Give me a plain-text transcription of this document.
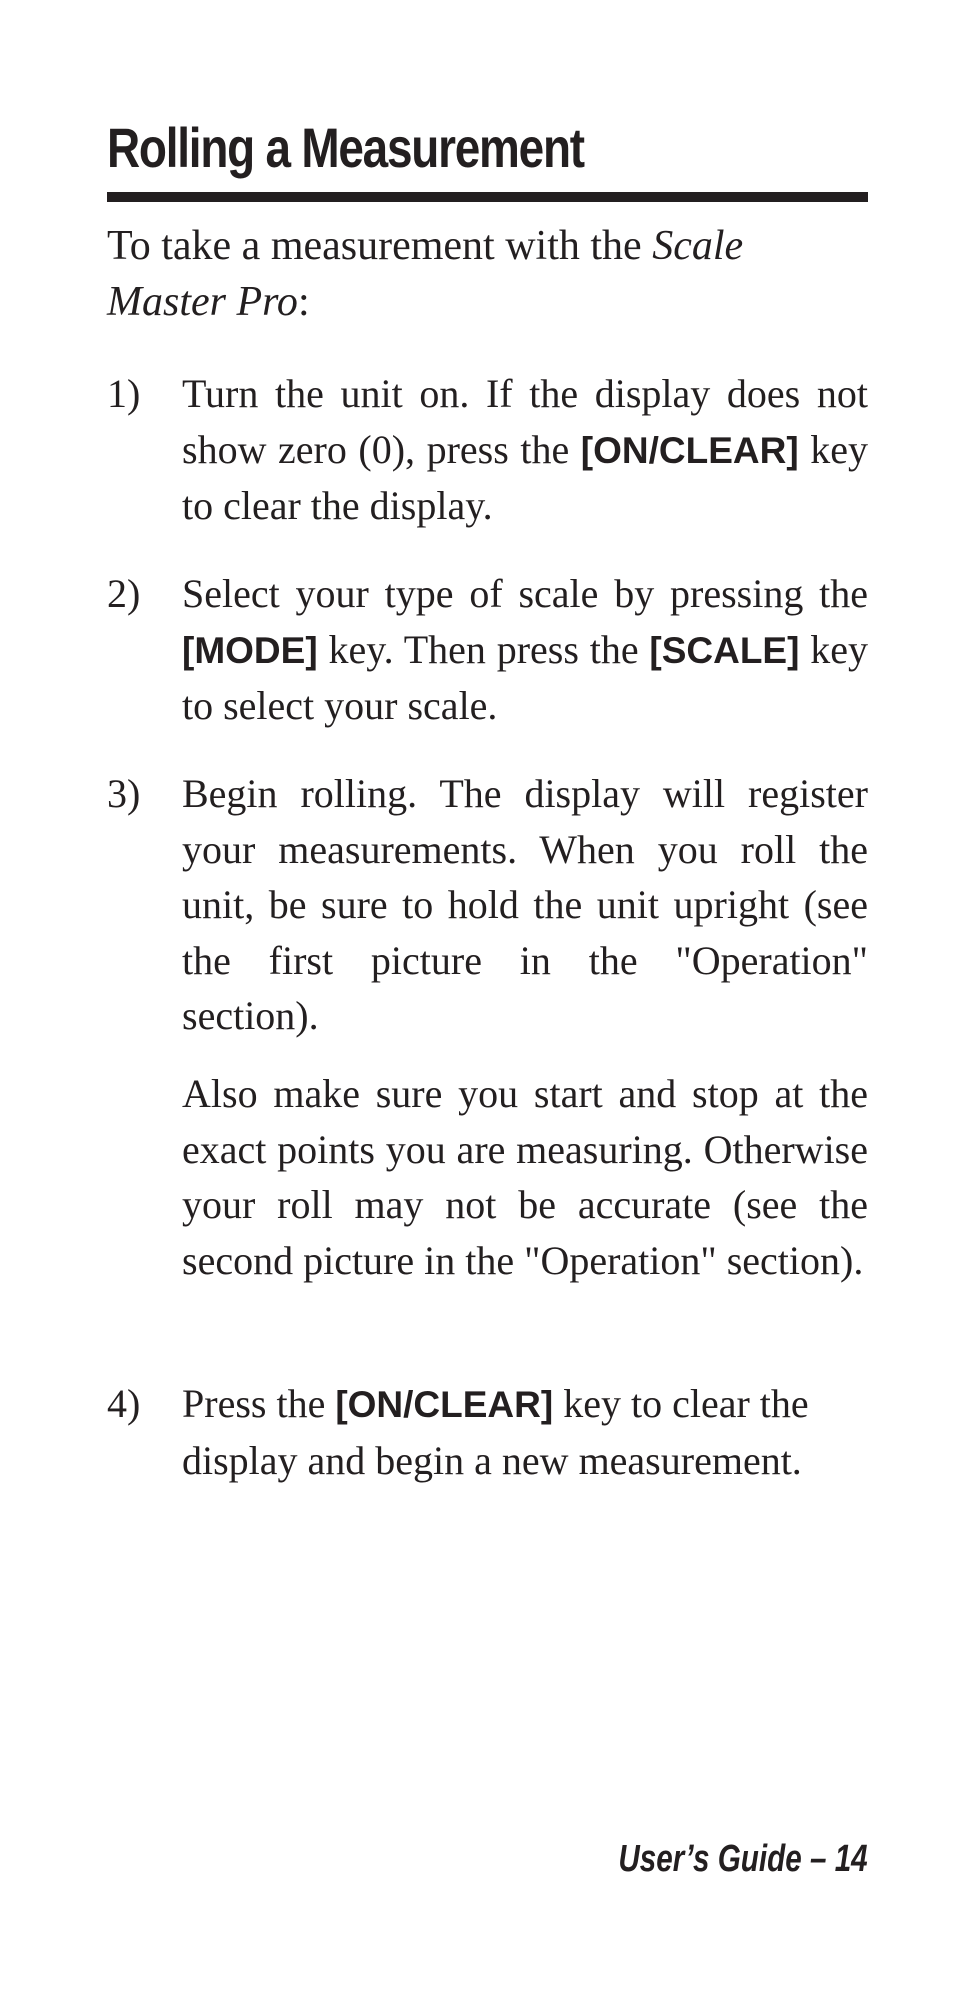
Rolling a Measurement
To take a measurement with the Scale Master Pro:
1) Turn the unit on. If the display does not show zero (0), press the [ON/CLEAR] key to clear the display.
2) Select your type of scale by pressing the [MODE] key. Then press the [SCALE] key to select your scale.
3) Begin rolling. The display will register your measurements. When you roll the unit, be sure to hold the unit upright (see the first picture in the "Operation" section).
Also make sure you start and stop at the exact points you are measuring. Otherwise your roll may not be accurate (see the second picture in the "Operation" section).
4) Press the [ON/CLEAR] key to clear the display and begin a new measurement.
User’s Guide – 14
